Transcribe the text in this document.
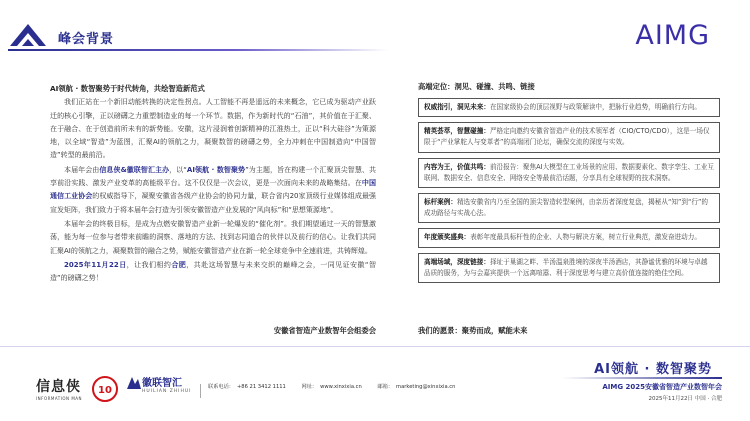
峰会背景	AIMG
AI领航 · 数智聚势于时代转角，共绘智造新范式

我们正站在一个新旧动能转换的决定性拐点。人工智能不再是遥远的未来概念，它已成为驱动产业跃迁的核心引擎，正以磅礴之力重塑制造业的每一个环节。数据，作为新时代的“石油”，其价值在于汇聚、在于融合、在于创造前所未有的新势能。安徽，这片浸润着创新精神的江淮热土，正以“科大硅谷”为策源地，以全域“智造”为蓝图，汇聚AI的领航之力，凝聚数智的磅礴之势，全力冲刺在中国制造向“中国智造”转型的最前沿。

本届年会由信息侠&徽联智汇主办，以“AI领航 · 数智聚势”为主题，旨在构建一个汇聚顶尖智慧、共享前沿实践、激发产业变革的高能级平台。这不仅仅是一次会议，更是一次面向未来的战略集结。在中国通信工业协会的权威指导下，凝聚安徽省各级产业协会的协同力量，联合省内20家顶级行业媒体组成最强宣发矩阵，我们致力于将本届年会打造为引领安徽智造产业发展的“风向标”和“思想策源地”。

本届年会的终极目标，是成为点燃安徽智造产业新一轮爆发的“催化剂”。我们期望通过一天的智慧激荡，能为每一位参与者带来前瞻的洞察、落地的方法、找到志同道合的伙伴以及前行的信心。让我们共同汇聚AI的领航之力，凝聚数智的融合之势，赋能安徽智造产业在新一轮全球竞争中全速前进，共铸辉煌。

2025年11月22日，让我们相约合肥，共赴这场智慧与未来交织的巅峰之会，一同见证安徽“智造”的磅礴之势！

安徽省智造产业数智年会组委会
高端定位：洞见、碰撞、共鸣、链接
权威指引，洞见未来：在国家级协会的顶层视野与政策解读中，把脉行业趋势，明确前行方向。
精英荟萃，智慧碰撞：严格定向邀约安徽省智造产业的技术领军者（CIO/CTO/CDO），这是一场仅限于“产业掌舵人与变革者”的高端闭门论坛，确保交流的深度与实效。
内容为王，价值共鸣：前沿报告：聚焦AI大模型在工业场景的应用、数据要素化、数字孪生、工业互联网、数据安全、信息安全、网络安全等最前沿话题，分享具有全球视野的技术洞察。
标杆案例：精选安徽省内乃至全国的顶尖智造转型案例，由亲历者深度复盘，揭秘从“知”到“行”的成功路径与实战心法。
年度颁奖盛典：表彰年度最具标杆性的企业、人物与解决方案，树立行业典范，激发奋进动力。
高端场域，深度链接：择址于巢湖之畔、半汤温泉胜境的深夜半汤酒店，其静谧优雅的环境与卓越品质的服务，为与会嘉宾提供一个远离喧嚣、利于深度思考与建立高价值连接的绝佳空间。
我们的愿景：聚势而成，赋能未来
信息侠
INFORMATION MAN
10
徽联智汇
HUILIAN ZHIHUI
联系电话： +86 21 3412 1111	网址： www.xinxixia.cn	邮箱： marketing@xinxixia.cn
AI领航 · 数智聚势
AIMG 2025安徽省智造产业数智年会
2025年11月22日 中国 · 合肥
